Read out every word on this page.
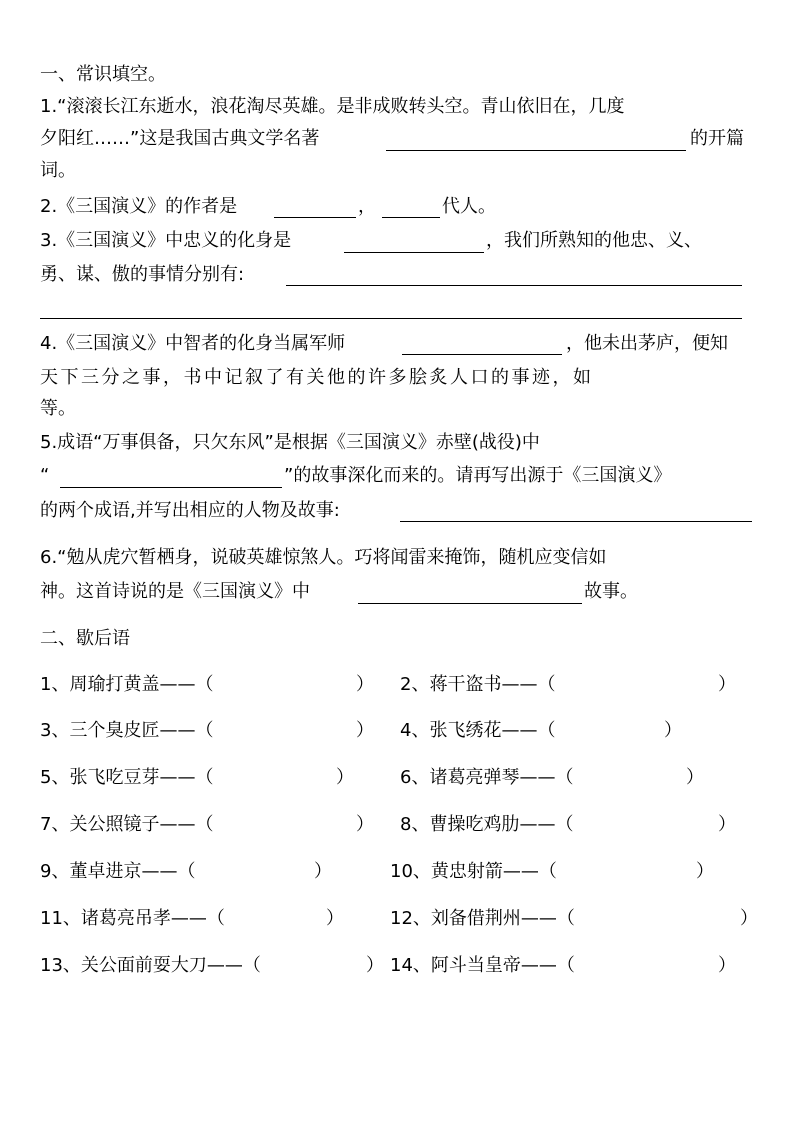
一、常识填空。
1.“滚滚长江东逝水，浪花淘尽英雄。是非成败转头空。青山依旧在，几度
夕阳红……”这是我国古典文学名著	的开篇
词。
2.《三国演义》的作者是	，	代人。
3.《三国演义》中忠义的化身是	，我们所熟知的他忠、义、
勇、谋、傲的事情分别有:
4.《三国演义》中智者的化身当属军师	，他未出茅庐，便知
天下三分之事，书中记叙了有关他的许多脍炙人口的事迹，如
等。
5.成语“万事俱备，只欠东风”是根据《三国演义》赤壁(战役)中
“	”的故事深化而来的。请再写出源于《三国演义》
的两个成语,并写出相应的人物及故事:
6.“勉从虎穴暂栖身，说破英雄惊煞人。巧将闻雷来掩饰，随机应变信如
神。这首诗说的是《三国演义》中	故事。
二、歇后语
1、周瑜打黄盖——（	） 2、蒋干盗书——（	）
3、三个臭皮匠——（	） 4、张飞绣花——（	）
5、张飞吃豆芽——（	）	6、诸葛亮弹琴——（	）
7、关公照镜子——（	） 8、曹操吃鸡肋——（	）
9、董卓进京——（	）	10、黄忠射箭——（	）
11、诸葛亮吊孝——（	）	12、刘备借荆州——（	）
13、关公面前耍大刀——（	） 14、阿斗当皇帝——（	）
